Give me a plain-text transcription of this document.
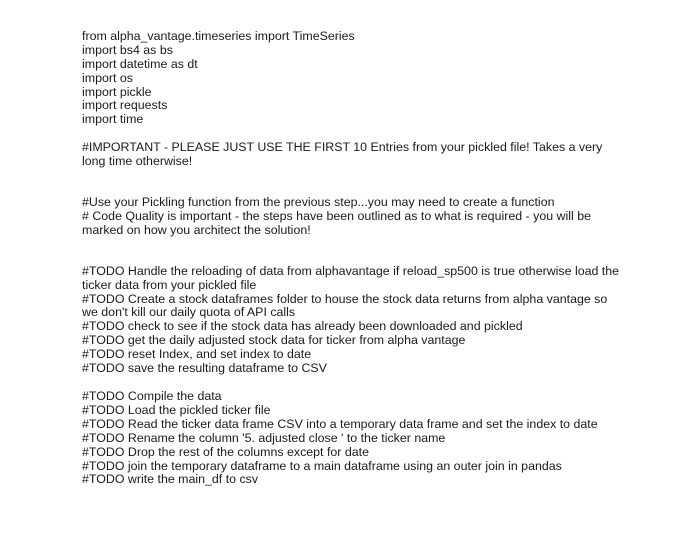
from alpha_vantage.timeseries import TimeSeries
import bs4 as bs
import datetime as dt
import os
import pickle
import requests
import time
#IMPORTANT - PLEASE JUST USE THE FIRST 10 Entries from your pickled file! Takes a very long time otherwise!
#Use your Pickling function from the previous step...you may need to create a function
# Code Quality is important - the steps have been outlined as to what is required - you will be marked on how you architect the solution!
#TODO Handle the reloading of data from alphavantage if reload_sp500 is true otherwise load the ticker data from your pickled file
#TODO Create a stock dataframes folder to house the stock data returns from alpha vantage so we don't kill our daily quota of API calls
#TODO check to see if the stock data has already been downloaded and pickled
#TODO get the daily adjusted stock data for ticker from alpha vantage
#TODO reset Index, and set index to date
#TODO save the resulting dataframe to CSV
#TODO Compile the data
#TODO Load the pickled ticker file
#TODO Read the ticker data frame CSV into a temporary data frame and set the index to date
#TODO Rename the column '5. adjusted close ' to the ticker name
#TODO Drop the rest of the columns except for date
#TODO join the temporary dataframe to a main dataframe using an outer join in pandas
#TODO write the main_df to csv
